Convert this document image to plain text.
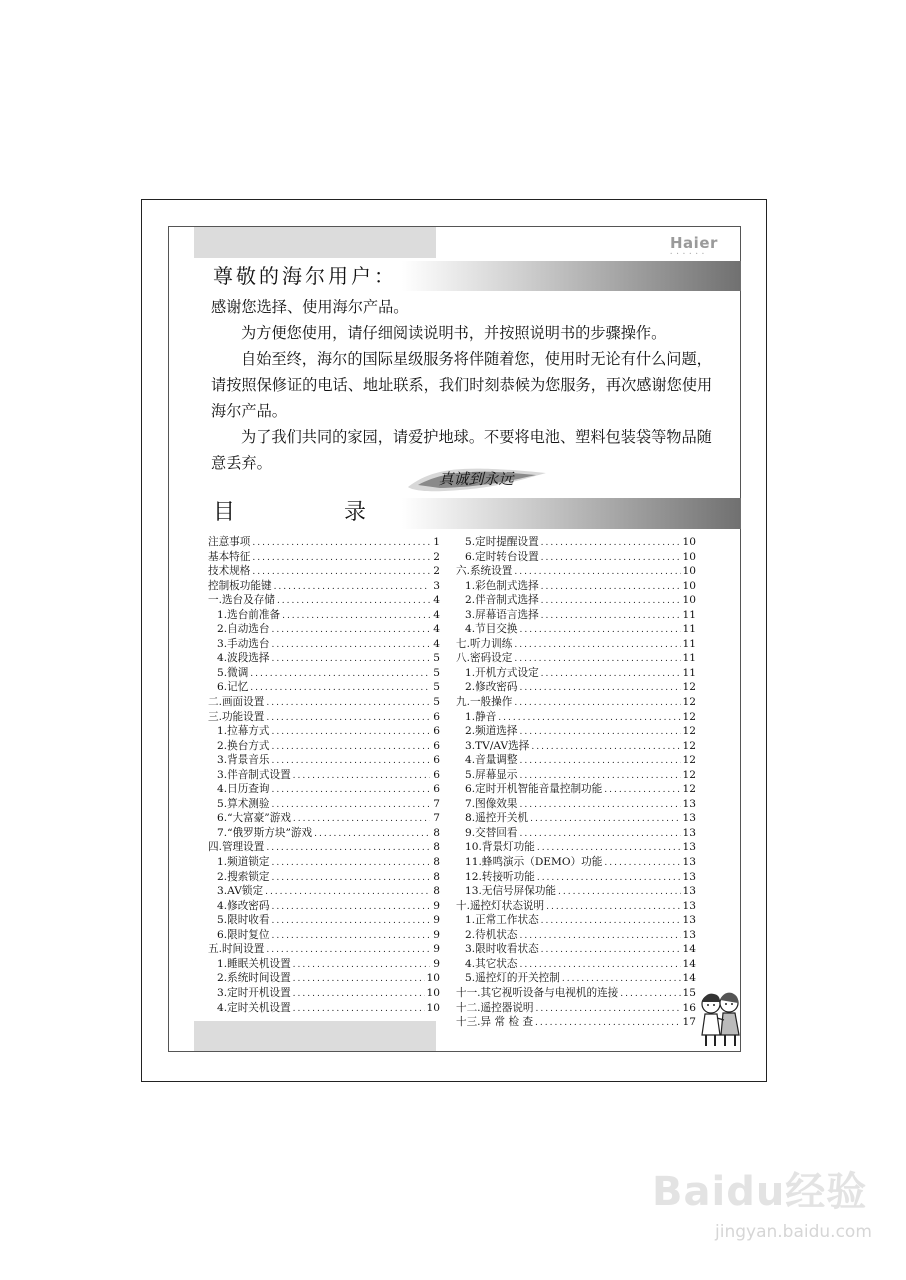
Haier
••••••
尊敬的海尔用户：

感谢您选择、使用海尔产品。

为方便您使用，请仔细阅读说明书，并按照说明书的步骤操作。

自始至终，海尔的国际星级服务将伴随着您，使用时无论有什么问题，请按照保修证的电话、地址联系，我们时刻恭候为您服务，再次感谢您使用海尔产品。

为了我们共同的家园，请爱护地球。不要将电池、塑料包装袋等物品随意丢弃。

真诚到永远
目	录
注意事项 .....	1
基本特征 .....	2
技术规格 .....	2
控制板功能键 .....	3
一.选台及存储 .....	4
1.选台前准备 .....	4
2.自动选台 .....	4
3.手动选台 .....	4
4.波段选择 .....	5
5.微调 .....	5
6.记忆 .....	5
二.画面设置 .....	5
三.功能设置 .....	6
1.拉幕方式 .....	6
2.换台方式 .....	6
3.背景音乐 .....	6
3.伴音制式设置 .....	6
4.日历查询 .....	6
5.算术测验 .....	7
6.“大富豪”游戏 .....	7
7.“俄罗斯方块”游戏 .....	8
四.管理设置 .....	8
1.频道锁定 .....	8
2.搜索锁定 .....	8
3.AV锁定 .....	8
4.修改密码 .....	9
5.限时收看 .....	9
6.限时复位 .....	9
五.时间设置 .....	9
1.睡眠关机设置 .....	9
2.系统时间设置 .....	10
3.定时开机设置 .....	10
4.定时关机设置 .....	10
5.定时提醒设置 .....	10
6.定时转台设置 .....	10
六.系统设置 .....	10
1.彩色制式选择 .....	10
2.伴音制式选择 .....	10
3.屏幕语言选择 .....	11
4.节目交换 .....	11
七.听力训练 .....	11
八.密码设定 .....	11
1.开机方式设定 .....	11
2.修改密码 .....	12
九.一般操作 .....	12
1.静音 .....	12
2.频道选择 .....	12
3.TV/AV选择 .....	12
4.音量调整 .....	12
5.屏幕显示 .....	12
6.定时开机智能音量控制功能 .....	12
7.图像效果 .....	13
8.遥控开关机 .....	13
9.交替回看 .....	13
10.背景灯功能 .....	13
11.蜂鸣演示（DEMO）功能 .....	13
12.转接听功能 .....	13
13.无信号屏保功能 .....	13
十.遥控灯状态说明 .....	13
1.正常工作状态 .....	13
2.待机状态 .....	13
3.限时收看状态 .....	14
4.其它状态 .....	14
5.遥控灯的开关控制 .....	14
十一.其它视听设备与电视机的连接 .....	15
十二.遥控器说明 .....	16
十三.异 常 检 查 .....	17
Baidu经验
jingyan.baidu.com
